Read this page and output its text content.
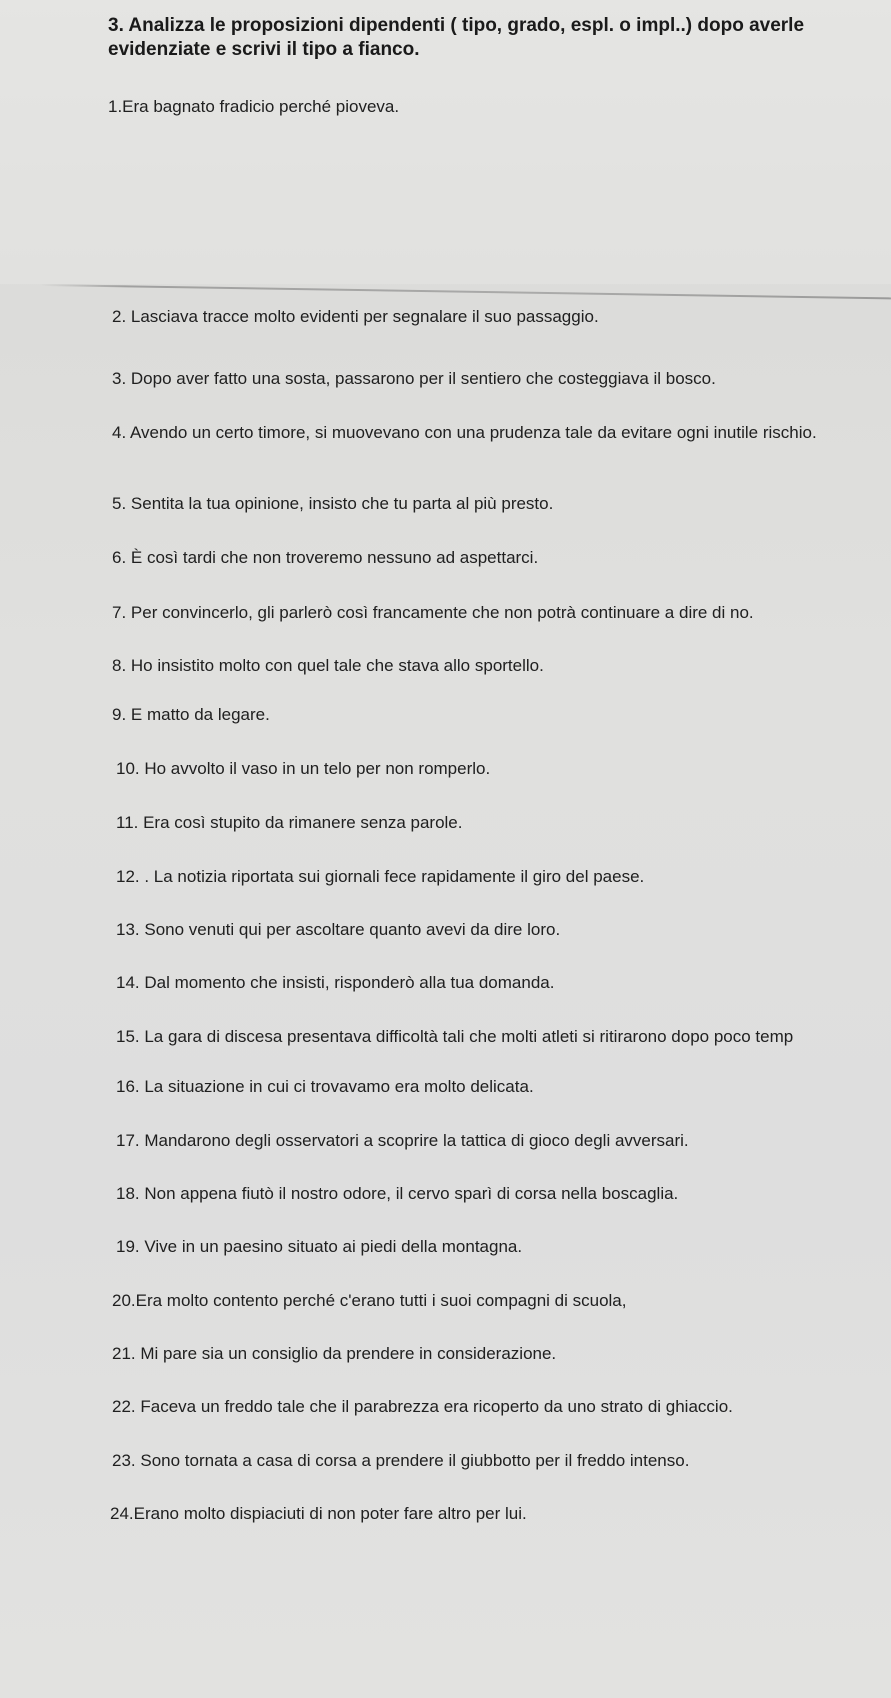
3. Analizza le proposizioni dipendenti ( tipo, grado, espl. o impl..) dopo averle evidenziate e scrivi il tipo a fianco.

1.Era bagnato fradicio perché pioveva.

2. Lasciava tracce molto evidenti per segnalare il suo passaggio.

3. Dopo aver fatto una sosta, passarono per il sentiero che costeggiava il bosco.

4. Avendo un certo timore, si muovevano con una prudenza tale da evitare ogni inutile rischio.

5. Sentita la tua opinione, insisto che tu parta al più presto.

6. È così tardi che non troveremo nessuno ad aspettarci.

7. Per convincerlo, gli parlerò così francamente che non potrà continuare a dire di no.

8. Ho insistito molto con quel tale che stava allo sportello.

9. E matto da legare.

10. Ho avvolto il vaso in un telo per non romperlo.

11. Era così stupito da rimanere senza parole.

12. . La notizia riportata sui giornali fece rapidamente il giro del paese.

13. Sono venuti qui per ascoltare quanto avevi da dire loro.

14. Dal momento che insisti, risponderò alla tua domanda.

15. La gara di discesa presentava difficoltà tali che molti atleti si ritirarono dopo poco temp

16. La situazione in cui ci trovavamo era molto delicata.

17. Mandarono degli osservatori a scoprire la tattica di gioco degli avversari.

18. Non appena fiutò il nostro odore, il cervo sparì di corsa nella boscaglia.

19. Vive in un paesino situato ai piedi della montagna.

20.Era molto contento perché c'erano tutti i suoi compagni di scuola,

21. Mi pare sia un consiglio da prendere in considerazione.

22. Faceva un freddo tale che il parabrezza era ricoperto da uno strato di ghiaccio.

23. Sono tornata a casa di corsa a prendere il giubbotto per il freddo intenso.

24.Erano molto dispiaciuti di non poter fare altro per lui.
